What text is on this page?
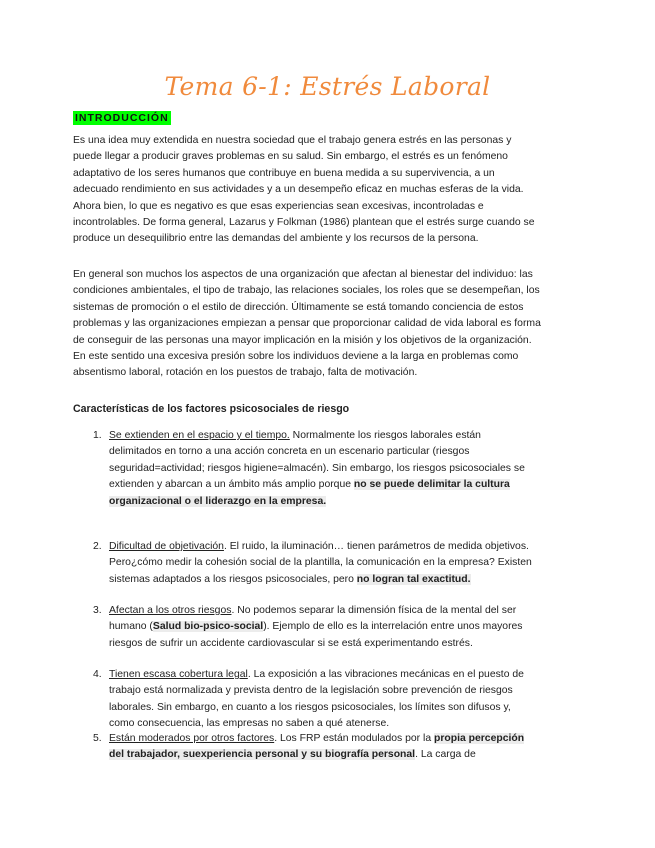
Tema 6-1: Estrés Laboral
INTRODUCCIÓN

Es una idea muy extendida en nuestra sociedad que el trabajo genera estrés en las personas y puede llegar a producir graves problemas en su salud. Sin embargo, el estrés es un fenómeno adaptativo de los seres humanos que contribuye en buena medida a su supervivencia, a un adecuado rendimiento en sus actividades y a un desempeño eficaz en muchas esferas de la vida. Ahora bien, lo que es negativo es que esas experiencias sean excesivas, incontroladas e incontrolables. De forma general, Lazarus y Folkman (1986) plantean que el estrés surge cuando se produce un desequilibrio entre las demandas del ambiente y los recursos de la persona.

En general son muchos los aspectos de una organización que afectan al bienestar del individuo: las condiciones ambientales, el tipo de trabajo, las relaciones sociales, los roles que se desempeñan, los sistemas de promoción o el estilo de dirección. Últimamente se está tomando conciencia de estos problemas y las organizaciones empiezan a pensar que proporcionar calidad de vida laboral es forma de conseguir de las personas una mayor implicación en la misión y los objetivos de la organización. En este sentido una excesiva presión sobre los individuos deviene a la larga en problemas como absentismo laboral, rotación en los puestos de trabajo, falta de motivación.

Características de los factores psicosociales de riesgo

1. Se extienden en el espacio y el tiempo. Normalmente los riesgos laborales están delimitados en torno a una acción concreta en un escenario particular (riesgos seguridad=actividad; riesgos higiene=almacén). Sin embargo, los riesgos psicosociales se extienden y abarcan a un ámbito más amplio porque no se puede delimitar la cultura organizacional o el liderazgo en la empresa.
2. Dificultad de objetivación. El ruido, la iluminación… tienen parámetros de medida objetivos. Pero¿cómo medir la cohesión social de la plantilla, la comunicación en la empresa? Existen sistemas adaptados a los riesgos psicosociales, pero no logran tal exactitud.
3. Afectan a los otros riesgos. No podemos separar la dimensión física de la mental del ser humano (Salud bio-psico-social). Ejemplo de ello es la interrelación entre unos mayores riesgos de sufrir un accidente cardiovascular si se está experimentando estrés.
4. Tienen escasa cobertura legal. La exposición a las vibraciones mecánicas en el puesto de trabajo está normalizada y prevista dentro de la legislación sobre prevención de riesgos laborales. Sin embargo, en cuanto a los riesgos psicosociales, los límites son difusos y, como consecuencia, las empresas no saben a qué atenerse.
5. Están moderados por otros factores. Los FRP están modulados por la propia percepción del trabajador, suexperiencia personal y su biografía personal. La carga de
